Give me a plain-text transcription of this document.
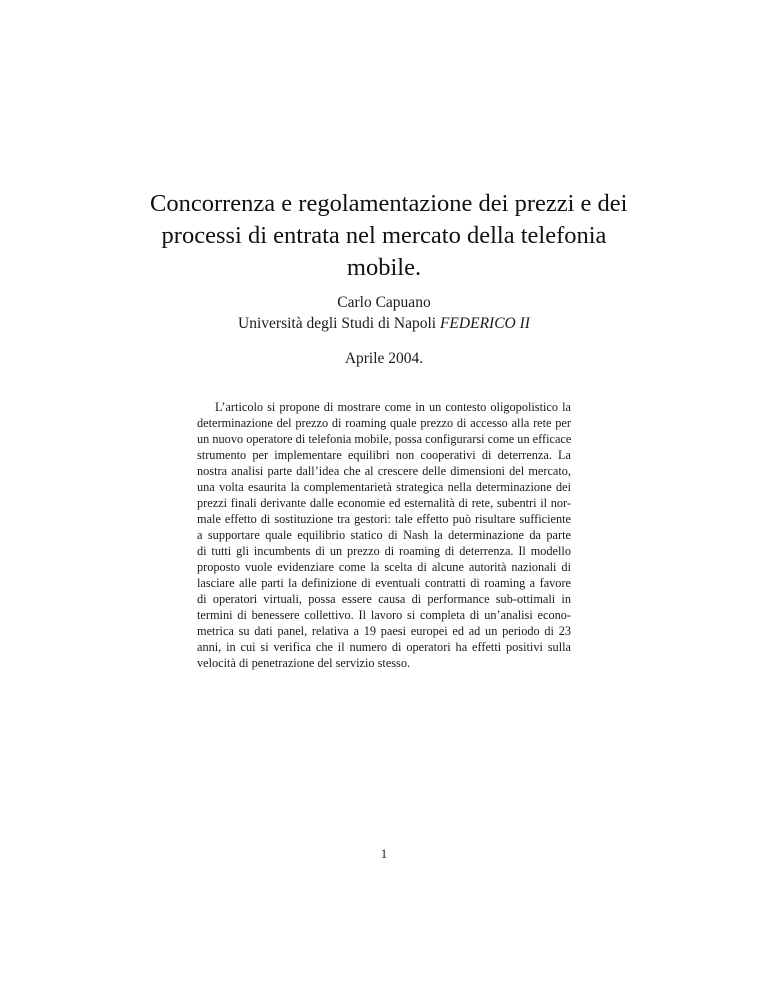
Concorrenza e regolamentazione dei prezzi e dei
processi di entrata nel mercato della telefonia
mobile.
Carlo Capuano
Università degli Studi di Napoli FEDERICO II
Aprile 2004.
L’articolo si propone di mostrare come in un contesto oligopolistico la
determinazione del prezzo di roaming quale prezzo di accesso alla rete per
un nuovo operatore di telefonia mobile, possa configurarsi come un efficace
strumento per implementare equilibri non cooperativi di deterrenza. La
nostra analisi parte dall’idea che al crescere delle dimensioni del mercato,
una volta esaurita la complementarietà strategica nella determinazione dei
prezzi finali derivante dalle economie ed esternalità di rete, subentri il nor-
male effetto di sostituzione tra gestori: tale effetto può risultare sufficiente
a supportare quale equilibrio statico di Nash la determinazione da parte
di tutti gli incumbents di un prezzo di roaming di deterrenza. Il modello
proposto vuole evidenziare come la scelta di alcune autorità nazionali di
lasciare alle parti la definizione di eventuali contratti di roaming a favore
di operatori virtuali, possa essere causa di performance sub-ottimali in
termini di benessere collettivo. Il lavoro si completa di un’analisi econo-
metrica su dati panel, relativa a 19 paesi europei ed ad un periodo di 23
anni, in cui si verifica che il numero di operatori ha effetti positivi sulla
velocità di penetrazione del servizio stesso.
1
